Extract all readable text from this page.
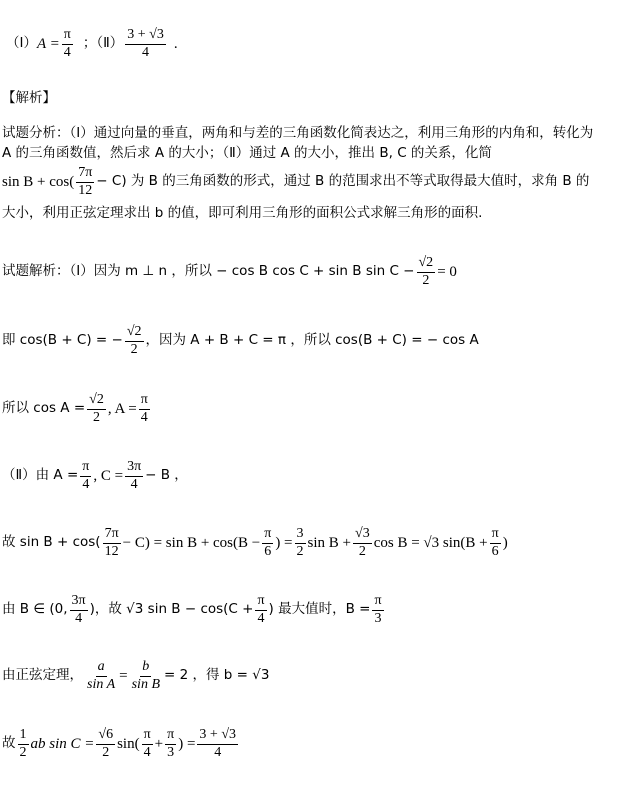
（Ⅰ） $A = \frac{\pi}{4}$ ；（Ⅱ） $\frac{3 + √3}{4}$ .
【解析】
试题分析：（Ⅰ）通过向量的垂直，两角和与差的三角函数化简表达之，利用三角形的内角和，转化为
A 的三角函数值，然后求 A 的大小；（Ⅱ）通过 A 的大小，推出 B, C 的关系，化简
$\sin B + \cos( \frac{7\pi}{12} - C)$ 为 B 的三角函数的形式，通过 B 的范围求出不等式取得最大值时，求角 B 的
大小，利用正弦定理求出 b 的值，即可利用三角形的面积公式求解三角形的面积.
试题解析：（Ⅰ）因为 m ⊥ n ，所以 − cos B cos C + sin B $\sin C - \frac{√2}{2} = 0$
即 cos(B + C) = − $\frac{√2}{2}$ ，因为 A + B + C = π ，所以 cos(B + C) = − cos A
所以 $\cos A = \frac{√2}{2}$ , $A = \frac{\pi}{4}$
（Ⅱ）由 $A = \frac{\pi}{4}$ , $C = \frac{3\pi}{4} - B$ ，
故 $\sin B + \cos( \frac{7\pi}{12} - C) = \sin B + \cos(B - \frac{\pi}{6}$ ) = $\frac{3}{2}$ $\sin B + \frac{√3}{2}$ cos B = √3 $\sin(B + \frac{\pi}{6}$ )
由 B ∈ (0, $\frac{3\pi}{4}$ )，故 √3 $\sin B - \cos(C + \frac{\pi}{4}$ ) 最大值时，$B = \frac{\pi}{3}$
由正弦定理， $\frac{a}{\text{sin A}} = \frac{b}{\text{sin B}} = 2$ ，得 b = √3
故 $\frac{1}{2}$ ab $\sin C = \frac{√6}{2} \sin( \frac{\pi}{4} + \frac{\pi}{3}$ ) = $\frac{3 + √3}{4}$
